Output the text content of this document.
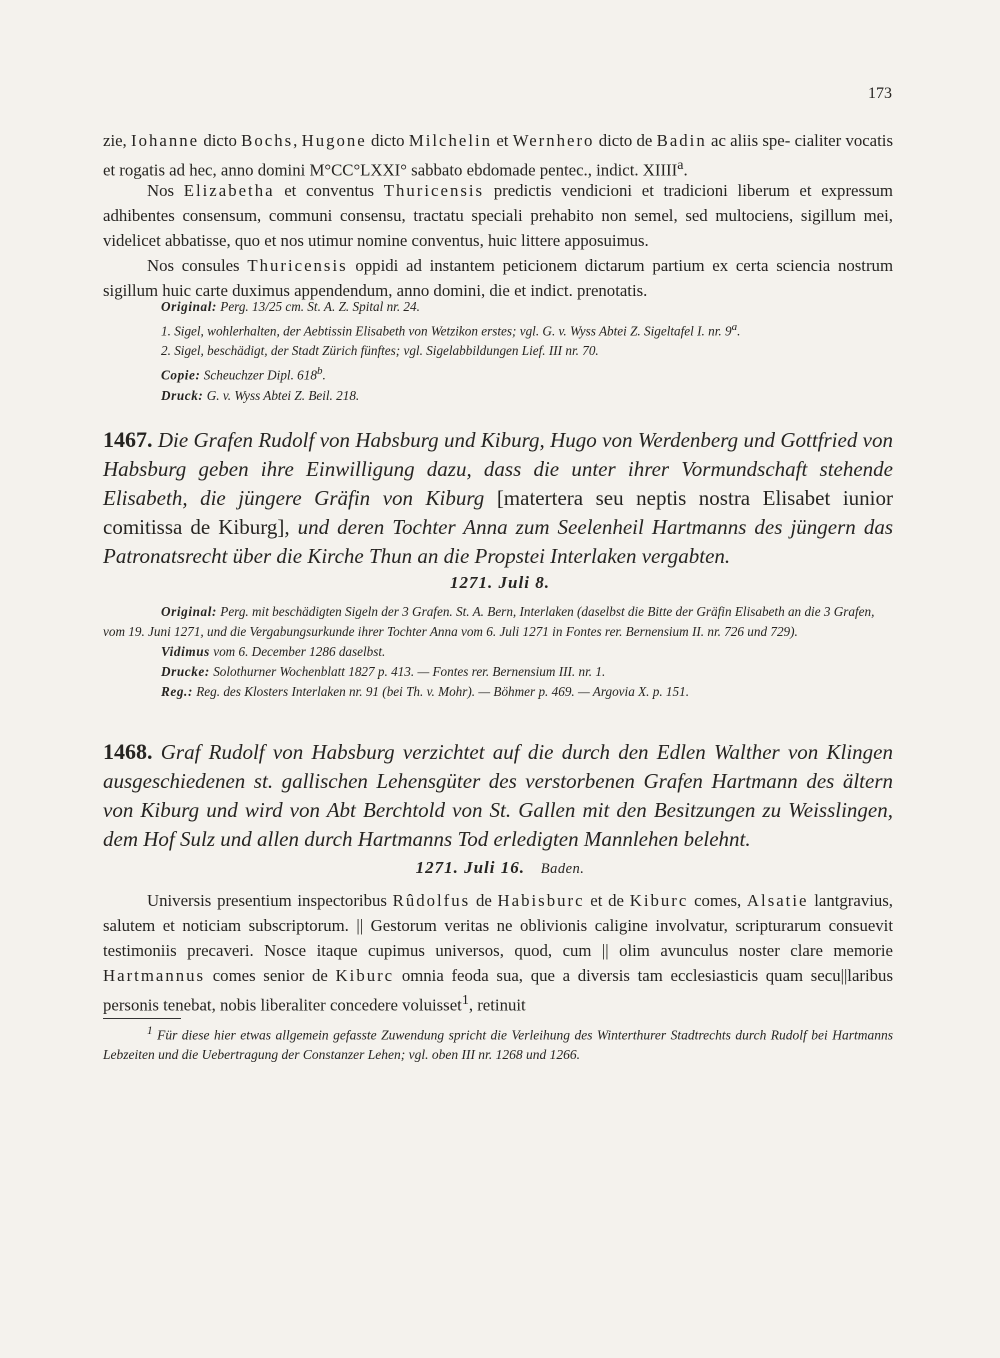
173

zie, Iohanne dicto Bochs, Hugone dicto Milchelin et Wernhero dicto de Badin ac aliis spe- cialiter vocatis et rogatis ad hec, anno domini M°CC°LXXI° sabbato ebdomade pentec., indict. XIIII$^a$.

Nos Elizabetha et conventus Thuricensis predictis vendicioni et tradicioni liberum et expressum adhibentes consensum, communi consensu, tractatu speciali prehabito non semel, sed multociens, sigillum mei, videlicet abbatisse, quo et nos utimur nomine conventus, huic littere apposuimus.

Nos consules Thuricensis oppidi ad instantem peticionem dictarum partium ex certa sciencia nostrum sigillum huic carte duximus appendendum, anno domini, die et indict. prenotatis.

Original: Perg. 13/25 cm. St. A. Z. Spital nr. 24.

1. Sigel, wohlerhalten, der Aebtissin Elisabeth von Wetzikon erstes; vgl. G. v. Wyss Abtei Z. Sigeltafel I. nr. 9$^a$.

2. Sigel, beschädigt, der Stadt Zürich fünftes; vgl. Sigelabbildungen Lief. III nr. 70.

Copie: Scheuchzer Dipl. 618$^b$.

Druck: G. v. Wyss Abtei Z. Beil. 218.

1467. Die Grafen Rudolf von Habsburg und Kiburg, Hugo von Werdenberg und Gottfried von Habsburg geben ihre Einwilligung dazu, dass die unter ihrer Vormundschaft stehende Elisabeth, die jüngere Gräfin von Kiburg [matertera seu neptis nostra Elisabet iunior comitissa de Kiburg], und deren Tochter Anna zum Seelenheil Hartmanns des jüngern das Patronatsrecht über die Kirche Thun an die Propstei Interlaken vergabten.

1271. Juli 8.

Original: Perg. mit beschädigten Sigeln der 3 Grafen. St. A. Bern, Interlaken (daselbst die Bitte der Gräfin Elisabeth an die 3 Grafen, vom 19. Juni 1271, und die Vergabungsurkunde ihrer Tochter Anna vom 6. Juli 1271 in Fontes rer. Bernensium II. nr. 726 und 729).

Vidimus vom 6. December 1286 daselbst.

Drucke: Solothurner Wochenblatt 1827 p. 413. — Fontes rer. Bernensium III. nr. 1.

Reg.: Reg. des Klosters Interlaken nr. 91 (bei Th. v. Mohr). — Böhmer p. 469. — Argovia X. p. 151.

1468. Graf Rudolf von Habsburg verzichtet auf die durch den Edlen Walther von Klingen ausgeschiedenen st. gallischen Lehensgüter des verstorbenen Grafen Hartmann des ältern von Kiburg und wird von Abt Berchtold von St. Gallen mit den Besitzungen zu Weisslingen, dem Hof Sulz und allen durch Hartmanns Tod erledigten Mannlehen belehnt.

1271. Juli 16. Baden.

Universis presentium inspectoribus Rûdolfus de Habisburc et de Kiburc comes, Alsatie lantgravius, salutem et noticiam subscriptorum. || Gestorum veritas ne oblivionis caligine involvatur, scripturarum consuevit testimoniis precaveri. Nosce itaque cupimus universos, quod, cum || olim avunculus noster clare memorie Hartmannus comes senior de Kiburc omnia feoda sua, que a diversis tam ecclesiasticis quam secu||laribus personis tenebat, nobis liberaliter concedere voluisset$^1$, retinuit

$^1$ Für diese hier etwas allgemein gefasste Zuwendung spricht die Verleihung des Winterthurer Stadtrechts durch Rudolf bei Hartmanns Lebzeiten und die Uebertragung der Constanzer Lehen; vgl. oben III nr. 1268 und 1266.
